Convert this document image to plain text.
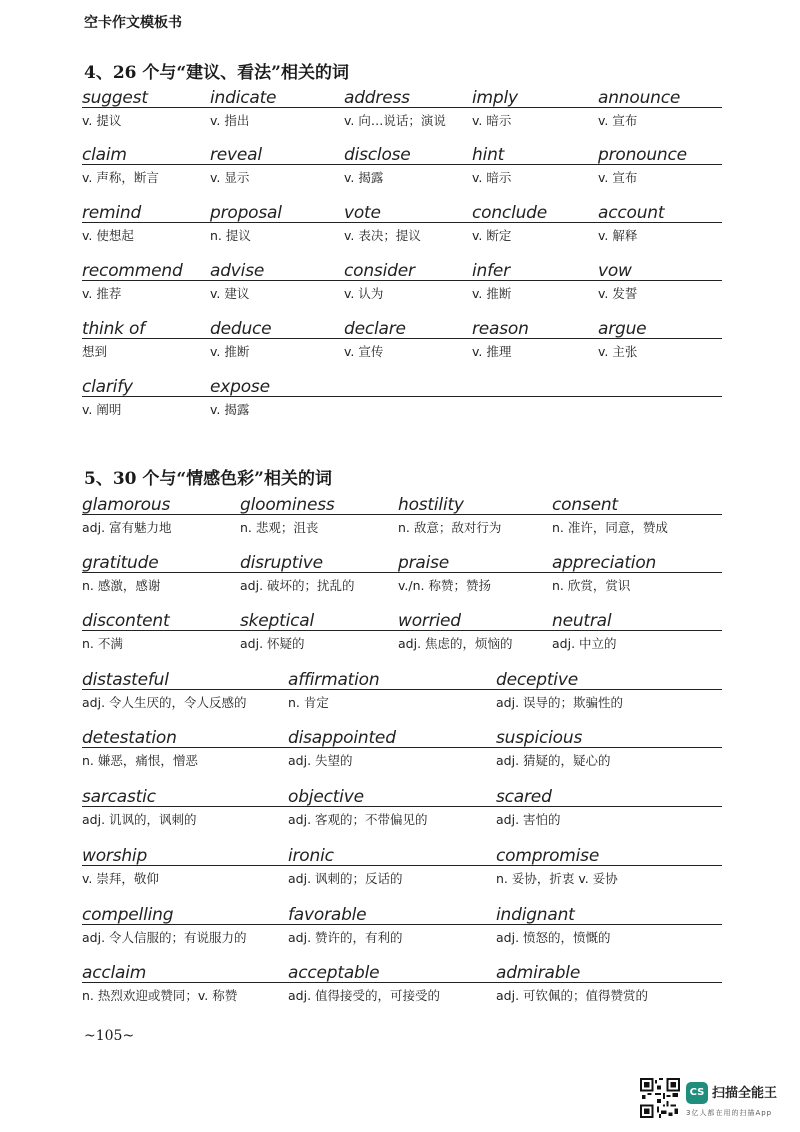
空卡作文模板书
4、26 个与“建议、看法”相关的词
suggest
v. 提议
indicate
v. 指出
address
v. 向…说话；演说
imply
v. 暗示
announce
v. 宣布
claim
v. 声称，断言
reveal
v. 显示
disclose
v. 揭露
hint
v. 暗示
pronounce
v. 宣布
remind
v. 使想起
proposal
n. 提议
vote
v. 表决；提议
conclude
v. 断定
account
v. 解释
recommend
v. 推荐
advise
v. 建议
consider
v. 认为
infer
v. 推断
vow
v. 发誓
think of
想到
deduce
v. 推断
declare
v. 宣传
reason
v. 推理
argue
v. 主张
clarify
v. 阐明
expose
v. 揭露
5、30 个与“情感色彩”相关的词
glamorous
adj. 富有魅力地
gloominess
n. 悲观；沮丧
hostility
n. 敌意；敌对行为
consent
n. 准许，同意，赞成
gratitude
n. 感激，感谢
disruptive
adj. 破坏的；扰乱的
praise
v./n. 称赞；赞扬
appreciation
n. 欣赏，赏识
discontent
n. 不满
skeptical
adj. 怀疑的
worried
adj. 焦虑的，烦恼的
neutral
adj. 中立的
distasteful
adj. 令人生厌的，令人反感的
affirmation
n. 肯定
deceptive
adj. 误导的；欺骗性的
detestation
n. 嫌恶，痛恨，憎恶
disappointed
adj. 失望的
suspicious
adj. 猜疑的，疑心的
sarcastic
adj. 讥讽的，讽刺的
objective
adj. 客观的；不带偏见的
scared
adj. 害怕的
worship
v. 崇拜，敬仰
ironic
adj. 讽刺的；反话的
compromise
n. 妥协，折衷 v. 妥协
compelling
adj. 令人信服的；有说服力的
favorable
adj. 赞许的，有利的
indignant
adj. 愤怒的，愤慨的
acclaim
n. 热烈欢迎或赞同；v. 称赞
acceptable
adj. 值得接受的，可接受的
admirable
adj. 可钦佩的；值得赞赏的
~105~
CS 扫描全能王
3亿人都在用的扫描App
